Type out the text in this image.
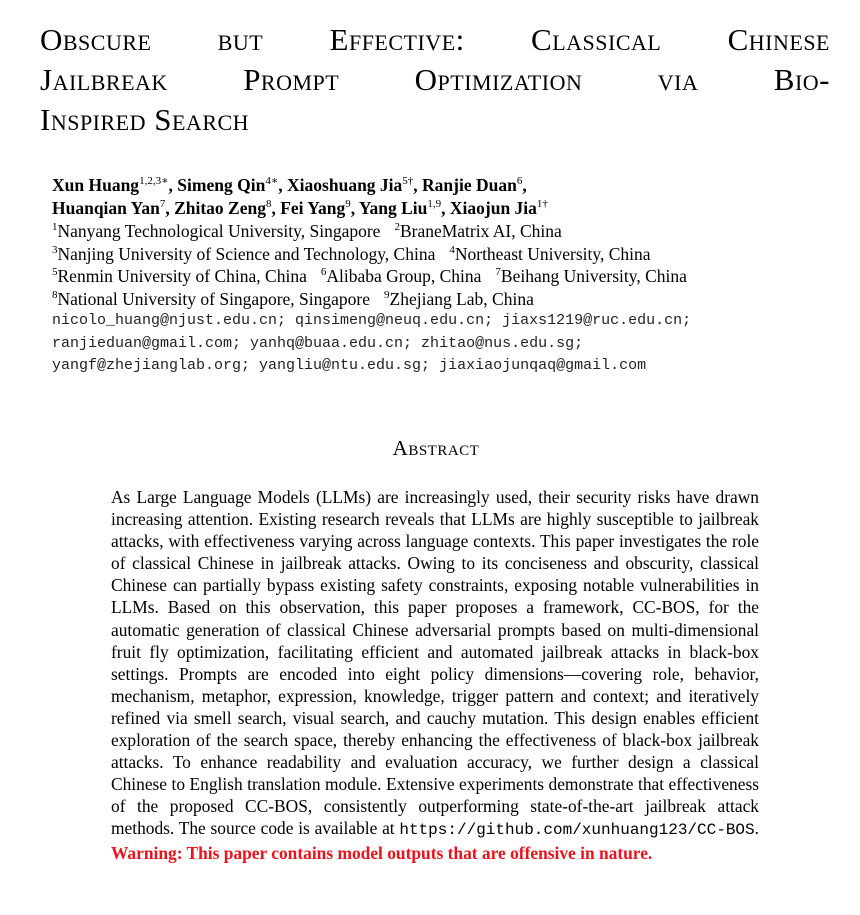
Obscure but Effective: Classical Chinese
Jailbreak Prompt Optimization via Bio-
Inspired Search
Xun Huang$^{1,2,3∗}$, Simeng Qin$^{4∗}$, Xiaoshuang Jia$^{5\dagger}$, Ranjie Duan$^6$,
Huanqian Yan$^7$, Zhitao Zeng$^8$, Fei Yang$^9$, Yang Liu$^{1,9}$, Xiaojun Jia$^{1\dagger}$
$^1$Nanyang Technological University, Singapore $^2$BraneMatrix AI, China
$^3$Nanjing University of Science and Technology, China $^4$Northeast University, China
$^5$Renmin University of China, China $^6$Alibaba Group, China $^7$Beihang University, China
$^8$National University of Singapore, Singapore $^9$Zhejiang Lab, China
nicolo_huang@njust.edu.cn; qinsimeng@neuq.edu.cn; jiaxs1219@ruc.edu.cn;
ranjieduan@gmail.com; yanhq@buaa.edu.cn; zhitao@nus.edu.sg;
yangf@zhejianglab.org; yangliu@ntu.edu.sg; jiaxiaojunqaq@gmail.com
Abstract
As Large Language Models (LLMs) are increasingly used, their security risks have drawn increasing attention. Existing research reveals that LLMs are highly susceptible to jailbreak attacks, with effectiveness varying across language contexts. This paper investigates the role of classical Chinese in jailbreak attacks. Owing to its conciseness and obscurity, classical Chinese can partially bypass existing safety constraints, exposing notable vulnerabilities in LLMs. Based on this observation, this paper proposes a framework, CC-BOS, for the automatic generation of classical Chinese adversarial prompts based on multi-dimensional fruit fly optimization, facilitating efficient and automated jailbreak attacks in black-box settings. Prompts are encoded into eight policy dimensions—covering role, behavior, mechanism, metaphor, expression, knowledge, trigger pattern and context; and iteratively refined via smell search, visual search, and cauchy mutation. This design enables efficient exploration of the search space, thereby enhancing the effectiveness of black-box jailbreak attacks. To enhance readability and evaluation accuracy, we further design a classical Chinese to English translation module. Extensive experiments demonstrate that effectiveness of the proposed CC-BOS, consistently outperforming state-of-the-art jailbreak attack methods. The source code is available at https://github.com/xunhuang123/CC-BOS. Warning: This paper contains model outputs that are offensive in nature.
